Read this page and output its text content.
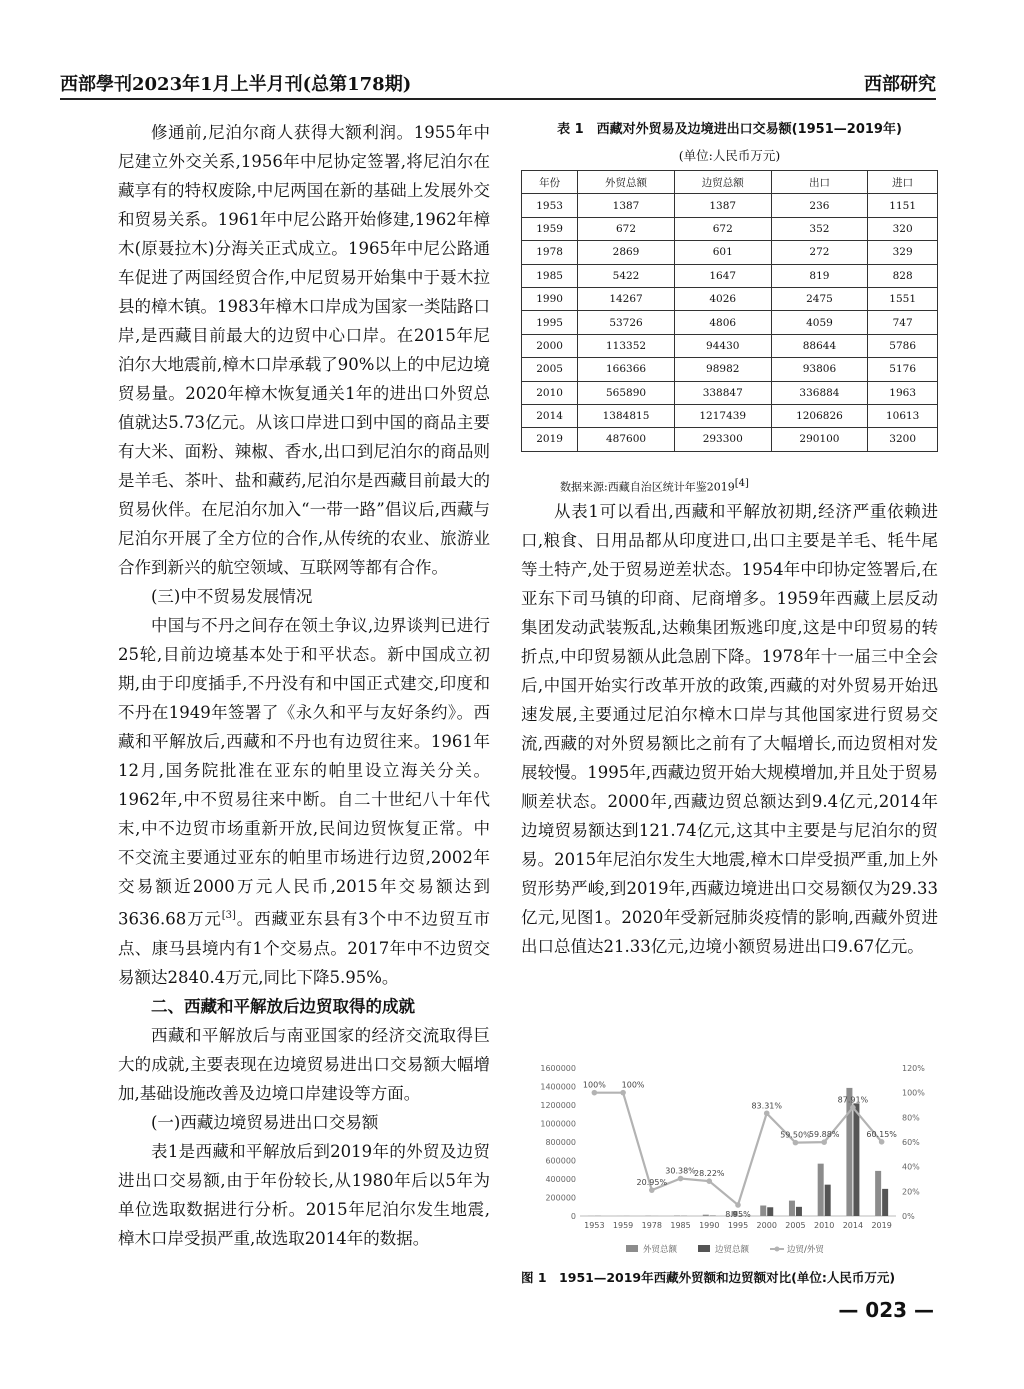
西部學刊2023年1月上半月刊(总第178期)	西部研究

修通前,尼泊尔商人获得大额利润。1955年中尼建立外交关系,1956年中尼协定签署,将尼泊尔在藏享有的特权废除,中尼两国在新的基础上发展外交和贸易关系。1961年中尼公路开始修建,1962年樟木(原聂拉木)分海关正式成立。1965年中尼公路通车促进了两国经贸合作,中尼贸易开始集中于聂木拉县的樟木镇。1983年樟木口岸成为国家一类陆路口岸,是西藏目前最大的边贸中心口岸。在2015年尼泊尔大地震前,樟木口岸承载了90%以上的中尼边境贸易量。2020年樟木恢复通关1年的进出口外贸总值就达5.73亿元。从该口岸进口到中国的商品主要有大米、面粉、辣椒、香水,出口到尼泊尔的商品则是羊毛、茶叶、盐和藏药,尼泊尔是西藏目前最大的贸易伙伴。在尼泊尔加入“一带一路”倡议后,西藏与尼泊尔开展了全方位的合作,从传统的农业、旅游业合作到新兴的航空领域、互联网等都有合作。

(三)中不贸易发展情况

中国与不丹之间存在领土争议,边界谈判已进行25轮,目前边境基本处于和平状态。新中国成立初期,由于印度插手,不丹没有和中国正式建交,印度和不丹在1949年签署了《永久和平与友好条约》。西藏和平解放后,西藏和不丹也有边贸往来。1961年12月,国务院批准在亚东的帕里设立海关分关。1962年,中不贸易往来中断。自二十世纪八十年代末,中不边贸市场重新开放,民间边贸恢复正常。中不交流主要通过亚东的帕里市场进行边贸,2002年交易额近2000万元人民币,2015年交易额达到3636.68万元[3]。西藏亚东县有3个中不边贸互市点、康马县境内有1个交易点。2017年中不边贸交易额达2840.4万元,同比下降5.95%。

二、西藏和平解放后边贸取得的成就

西藏和平解放后与南亚国家的经济交流取得巨大的成就,主要表现在边境贸易进出口交易额大幅增加,基础设施改善及边境口岸建设等方面。

(一)西藏边境贸易进出口交易额

表1是西藏和平解放后到2019年的外贸及边贸进出口交易额,由于年份较长,从1980年后以5年为单位选取数据进行分析。2015年尼泊尔发生地震,樟木口岸受损严重,故选取2014年的数据。

表 1　西藏对外贸易及边境进出口交易额(1951—2019年)
(单位:人民币万元)
年份	外贸总额	边贸总额	出口	进口
1953	1387	1387	236	1151
1959	672	672	352	320
1978	2869	601	272	329
1985	5422	1647	819	828
1990	14267	4026	2475	1551
1995	53726	4806	4059	747
2000	113352	94430	88644	5786
2005	166366	98982	93806	5176
2010	565890	338847	336884	1963
2014	1384815	1217439	1206826	10613
2019	487600	293300	290100	3200
数据来源:西藏自治区统计年鉴2019[4]

从表1可以看出,西藏和平解放初期,经济严重依赖进口,粮食、日用品都从印度进口,出口主要是羊毛、牦牛尾等土特产,处于贸易逆差状态。1954年中印协定签署后,在亚东下司马镇的印商、尼商增多。1959年西藏上层反动集团发动武装叛乱,达赖集团叛逃印度,这是中印贸易的转折点,中印贸易额从此急剧下降。1978年十一届三中全会后,中国开始实行改革开放的政策,西藏的对外贸易开始迅速发展,主要通过尼泊尔樟木口岸与其他国家进行贸易交流,西藏的对外贸易额比之前有了大幅增长,而边贸相对发展较慢。1995年,西藏边贸开始大规模增加,并且处于贸易顺差状态。2000年,西藏边贸总额达到9.4亿元,2014年边境贸易额达到121.74亿元,这其中主要是与尼泊尔的贸易。2015年尼泊尔发生大地震,樟木口岸受损严重,加上外贸形势严峻,到2019年,西藏边境进出口交易额仅为29.33亿元,见图1。2020年受新冠肺炎疫情的影响,西藏外贸进出口总值达21.33亿元,边境小额贸易进出口9.67亿元。

0
200000
400000
600000
800000
1000000
1200000
1400000
1600000
0%
20%
40%
60%
80%
100%
120%
1953 1959 1978 1985 1990 1995 2000 2005 2010 2014 2019
100% 100%
20.95%
30.38%
28.22%
8.95%
83.31%
59.50%
59.88%
87.91%
60.15%
外贸总额	边贸总额	边贸/外贸
图 1　1951—2019年西藏外贸额和边贸额对比(单位:人民币万元)
— 023 —
